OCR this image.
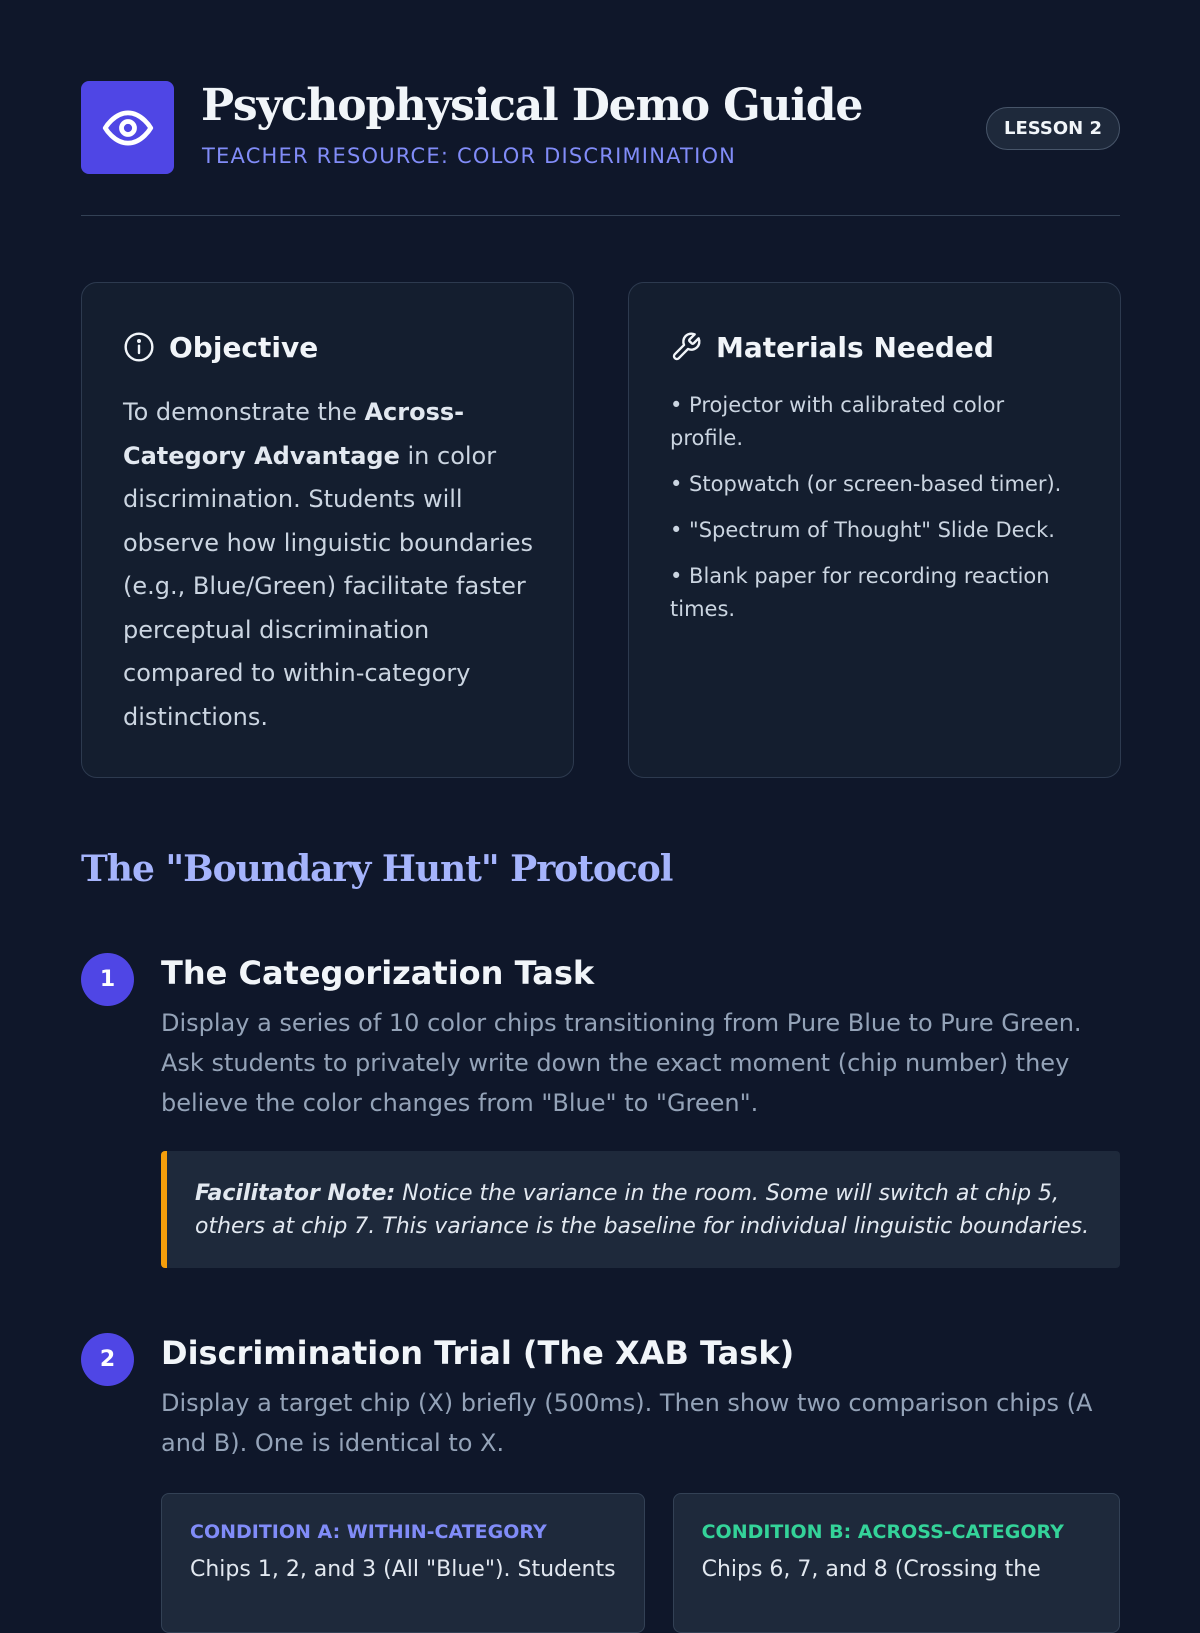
Psychophysical Demo Guide
TEACHER RESOURCE: COLOR DISCRIMINATION
LESSON 2
Objective
To demonstrate the Across-Category Advantage in color discrimination. Students will observe how linguistic boundaries (e.g., Blue/Green) facilitate faster perceptual discrimination compared to within-category distinctions.
Materials Needed
• Projector with calibrated color profile.
• Stopwatch (or screen-based timer).
• "Spectrum of Thought" Slide Deck.
• Blank paper for recording reaction times.
The "Boundary Hunt" Protocol
1	The Categorization Task
Display a series of 10 color chips transitioning from Pure Blue to Pure Green. Ask students to privately write down the exact moment (chip number) they believe the color changes from "Blue" to "Green".
Facilitator Note: Notice the variance in the room. Some will switch at chip 5, others at chip 7. This variance is the baseline for individual linguistic boundaries.
2	Discrimination Trial (The XAB Task)
Display a target chip (X) briefly (500ms). Then show two comparison chips (A and B). One is identical to X.
CONDITION A: WITHIN-CATEGORY
Chips 1, 2, and 3 (All "Blue"). Students
CONDITION B: ACROSS-CATEGORY
Chips 6, 7, and 8 (Crossing the
